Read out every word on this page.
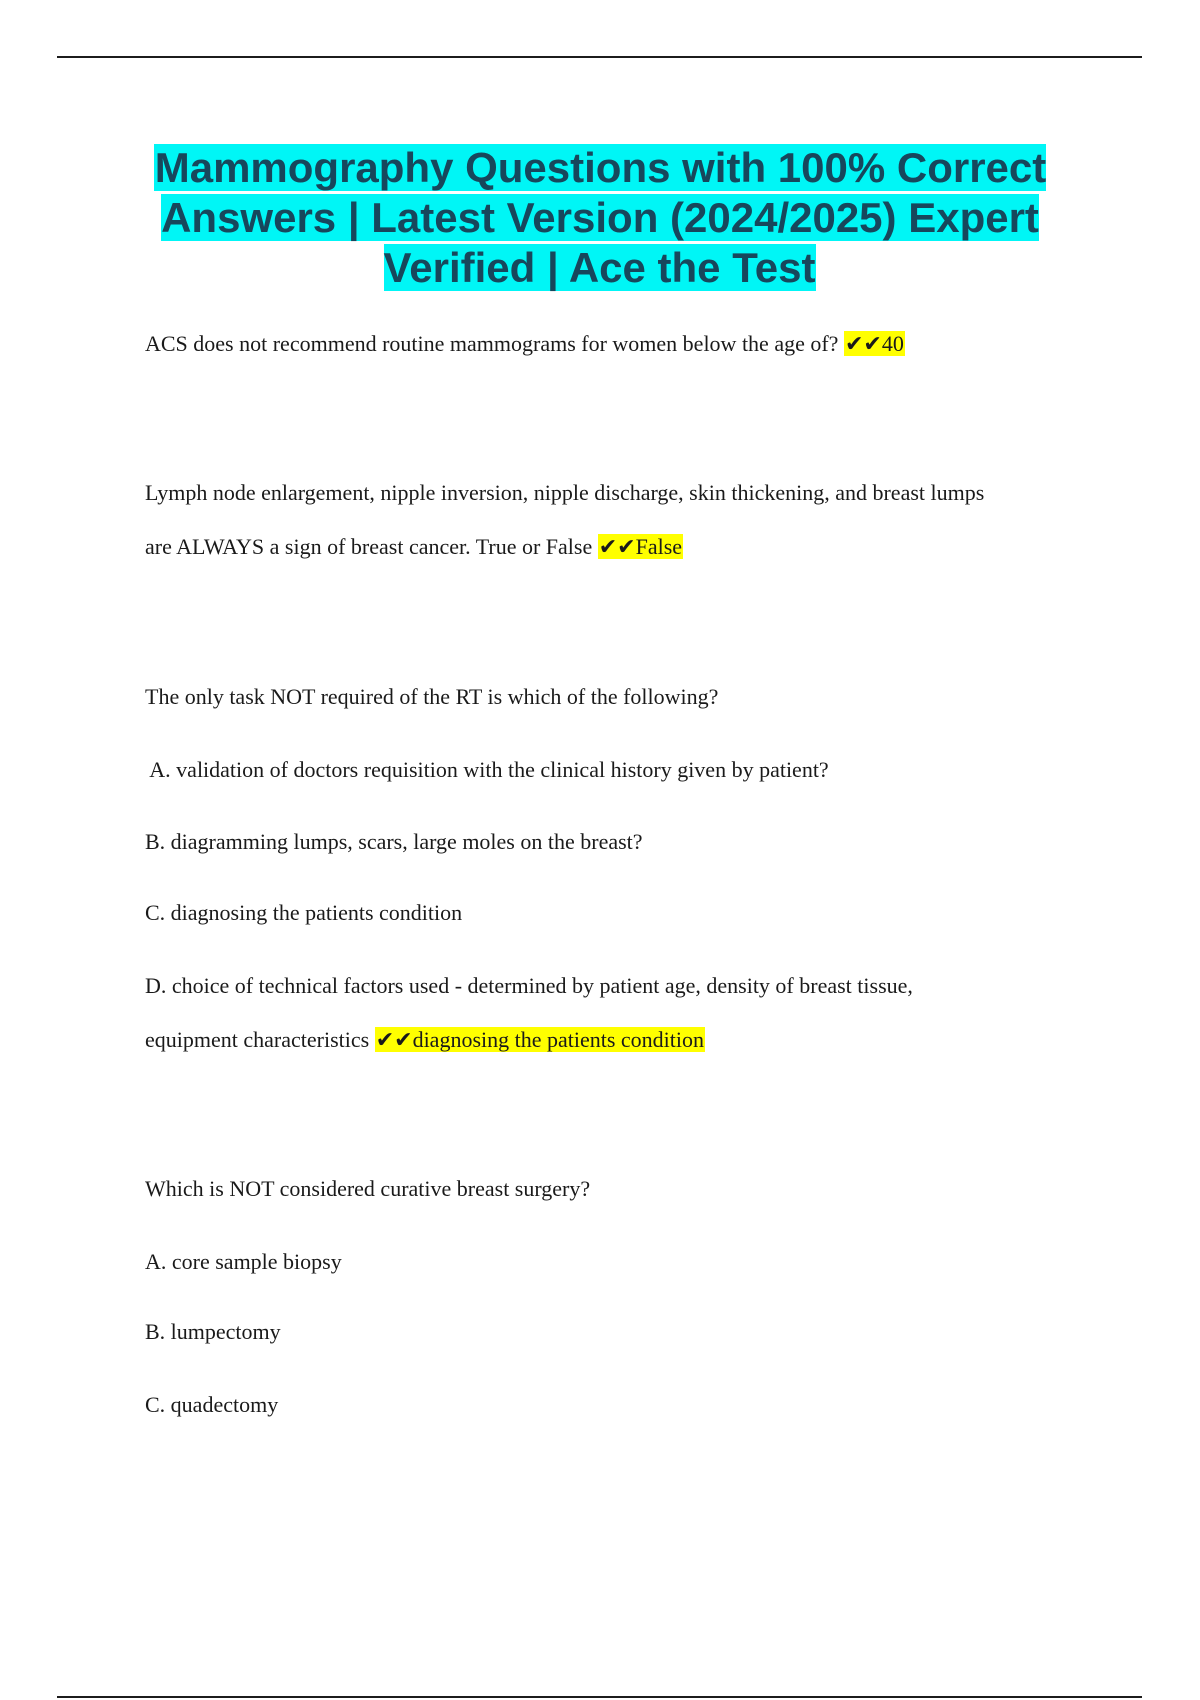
Mammography Questions with 100% Correct Answers | Latest Version (2024/2025) Expert Verified | Ace the Test

ACS does not recommend routine mammograms for women below the age of? ✔✔40

Lymph node enlargement, nipple inversion, nipple discharge, skin thickening, and breast lumps

are ALWAYS a sign of breast cancer. True or False ✔✔False

The only task NOT required of the RT is which of the following?

A. validation of doctors requisition with the clinical history given by patient?

B. diagramming lumps, scars, large moles on the breast?

C. diagnosing the patients condition

D. choice of technical factors used - determined by patient age, density of breast tissue,

equipment characteristics ✔✔diagnosing the patients condition

Which is NOT considered curative breast surgery?

A. core sample biopsy

B. lumpectomy

C. quadectomy
